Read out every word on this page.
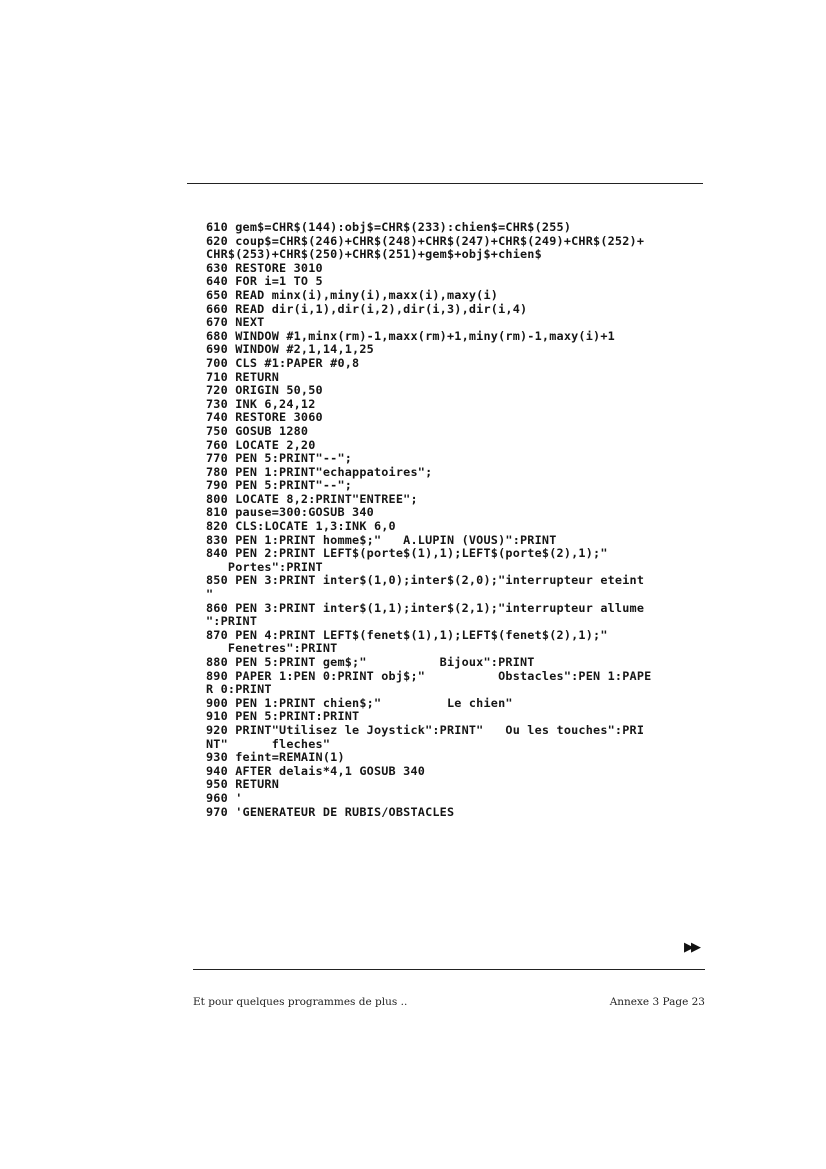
610 gem$=CHR$(144):obj$=CHR$(233):chien$=CHR$(255)
620 coup$=CHR$(246)+CHR$(248)+CHR$(247)+CHR$(249)+CHR$(252)+
CHR$(253)+CHR$(250)+CHR$(251)+gem$+obj$+chien$
630 RESTORE 3010
640 FOR i=1 TO 5
650 READ minx(i),miny(i),maxx(i),maxy(i)
660 READ dir(i,1),dir(i,2),dir(i,3),dir(i,4)
670 NEXT
680 WINDOW #1,minx(rm)-1,maxx(rm)+1,miny(rm)-1,maxy(i)+1
690 WINDOW #2,1,14,1,25
700 CLS #1:PAPER #0,8
710 RETURN
720 ORIGIN 50,50
730 INK 6,24,12
740 RESTORE 3060
750 GOSUB 1280
760 LOCATE 2,20
770 PEN 5:PRINT"--";
780 PEN 1:PRINT"echappatoires";
790 PEN 5:PRINT"--";
800 LOCATE 8,2:PRINT"ENTREE";
810 pause=300:GOSUB 340
820 CLS:LOCATE 1,3:INK 6,0
830 PEN 1:PRINT homme$;"   A.LUPIN (VOUS)":PRINT
840 PEN 2:PRINT LEFT$(porte$(1),1);LEFT$(porte$(2),1);"
Portes":PRINT
850 PEN 3:PRINT inter$(1,0);inter$(2,0);"interrupteur eteint
"
860 PEN 3:PRINT inter$(1,1);inter$(2,1);"interrupteur allume
":PRINT
870 PEN 4:PRINT LEFT$(fenet$(1),1);LEFT$(fenet$(2),1);"
Fenetres":PRINT
880 PEN 5:PRINT gem$;"          Bijoux":PRINT
890 PAPER 1:PEN 0:PRINT obj$;"          Obstacles":PEN 1:PAPE
R 0:PRINT
900 PEN 1:PRINT chien$;"         Le chien"
910 PEN 5:PRINT:PRINT
920 PRINT"Utilisez le Joystick":PRINT"   Ou les touches":PRI
NT"      fleches"
930 feint=REMAIN(1)
940 AFTER delais*4,1 GOSUB 340
950 RETURN
960 '
970 'GENERATEUR DE RUBIS/OBSTACLES
▶▶
Et pour quelques programmes de plus ..	Annexe 3 Page 23
